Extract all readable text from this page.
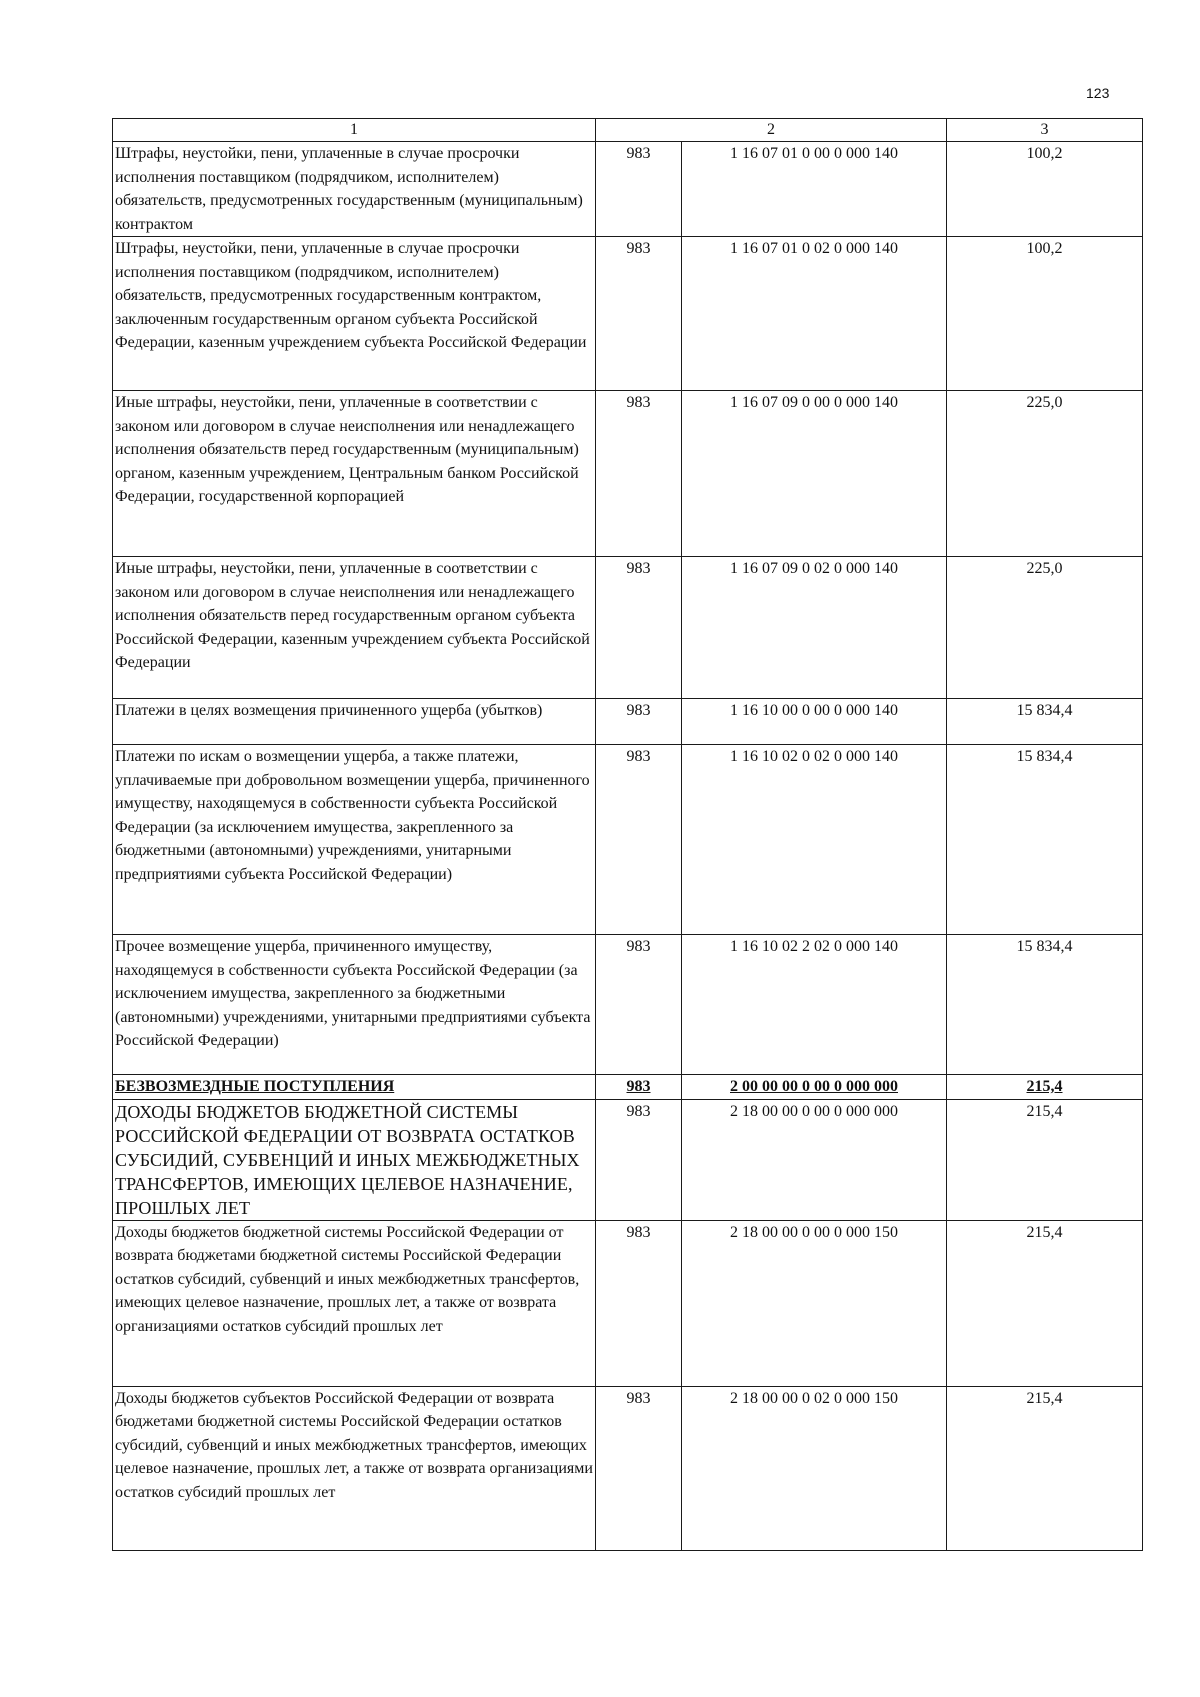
123
1	2		3
Штрафы, неустойки, пени, уплаченные в случае просрочки исполнения поставщиком (подрядчиком, исполнителем) обязательств, предусмотренных государственным (муниципальным) контрактом	983	1 16 07 01 0 00 0 000 140	100,2
Штрафы, неустойки, пени, уплаченные в случае просрочки исполнения поставщиком (подрядчиком, исполнителем) обязательств, предусмотренных государственным контрактом, заключенным государственным органом субъекта Российской Федерации, казенным учреждением субъекта Российской Федерации	983	1 16 07 01 0 02 0 000 140	100,2
Иные штрафы, неустойки, пени, уплаченные в соответствии с законом или договором в случае неисполнения или ненадлежащего исполнения обязательств перед государственным (муниципальным) органом, казенным учреждением, Центральным банком Российской Федерации, государственной корпорацией	983	1 16 07 09 0 00 0 000 140	225,0
Иные штрафы, неустойки, пени, уплаченные в соответствии с законом или договором в случае неисполнения или ненадлежащего исполнения обязательств перед государственным органом субъекта Российской Федерации, казенным учреждением субъекта Российской Федерации	983	1 16 07 09 0 02 0 000 140	225,0
Платежи в целях возмещения причиненного ущерба (убытков)	983	1 16 10 00 0 00 0 000 140	15 834,4
Платежи по искам о возмещении ущерба, а также платежи, уплачиваемые при добровольном возмещении ущерба, причиненного имуществу, находящемуся в собственности субъекта Российской Федерации (за исключением имущества, закрепленного за бюджетными (автономными) учреждениями, унитарными предприятиями субъекта Российской Федерации)	983	1 16 10 02 0 02 0 000 140	15 834,4
Прочее возмещение ущерба, причиненного имуществу, находящемуся в собственности субъекта Российской Федерации (за исключением имущества, закрепленного за бюджетными (автономными) учреждениями, унитарными предприятиями субъекта Российской Федерации)	983	1 16 10 02 2 02 0 000 140	15 834,4
БЕЗВОЗМЕЗДНЫЕ ПОСТУПЛЕНИЯ	983	2 00 00 00 0 00 0 000 000	215,4
ДОХОДЫ БЮДЖЕТОВ БЮДЖЕТНОЙ СИСТЕМЫ РОССИЙСКОЙ ФЕДЕРАЦИИ ОТ ВОЗВРАТА ОСТАТКОВ СУБСИДИЙ, СУБВЕНЦИЙ И ИНЫХ МЕЖБЮДЖЕТНЫХ ТРАНСФЕРТОВ, ИМЕЮЩИХ ЦЕЛЕВОЕ НАЗНАЧЕНИЕ, ПРОШЛЫХ ЛЕТ	983	2 18 00 00 0 00 0 000 000	215,4
Доходы бюджетов бюджетной системы Российской Федерации от возврата бюджетами бюджетной системы Российской Федерации остатков субсидий, субвенций и иных межбюджетных трансфертов, имеющих целевое назначение, прошлых лет, а также от возврата организациями остатков субсидий прошлых лет	983	2 18 00 00 0 00 0 000 150	215,4
Доходы бюджетов субъектов Российской Федерации от возврата бюджетами бюджетной системы Российской Федерации остатков субсидий, субвенций и иных межбюджетных трансфертов, имеющих целевое назначение, прошлых лет, а также от возврата организациями остатков субсидий прошлых лет	983	2 18 00 00 0 02 0 000 150	215,4
